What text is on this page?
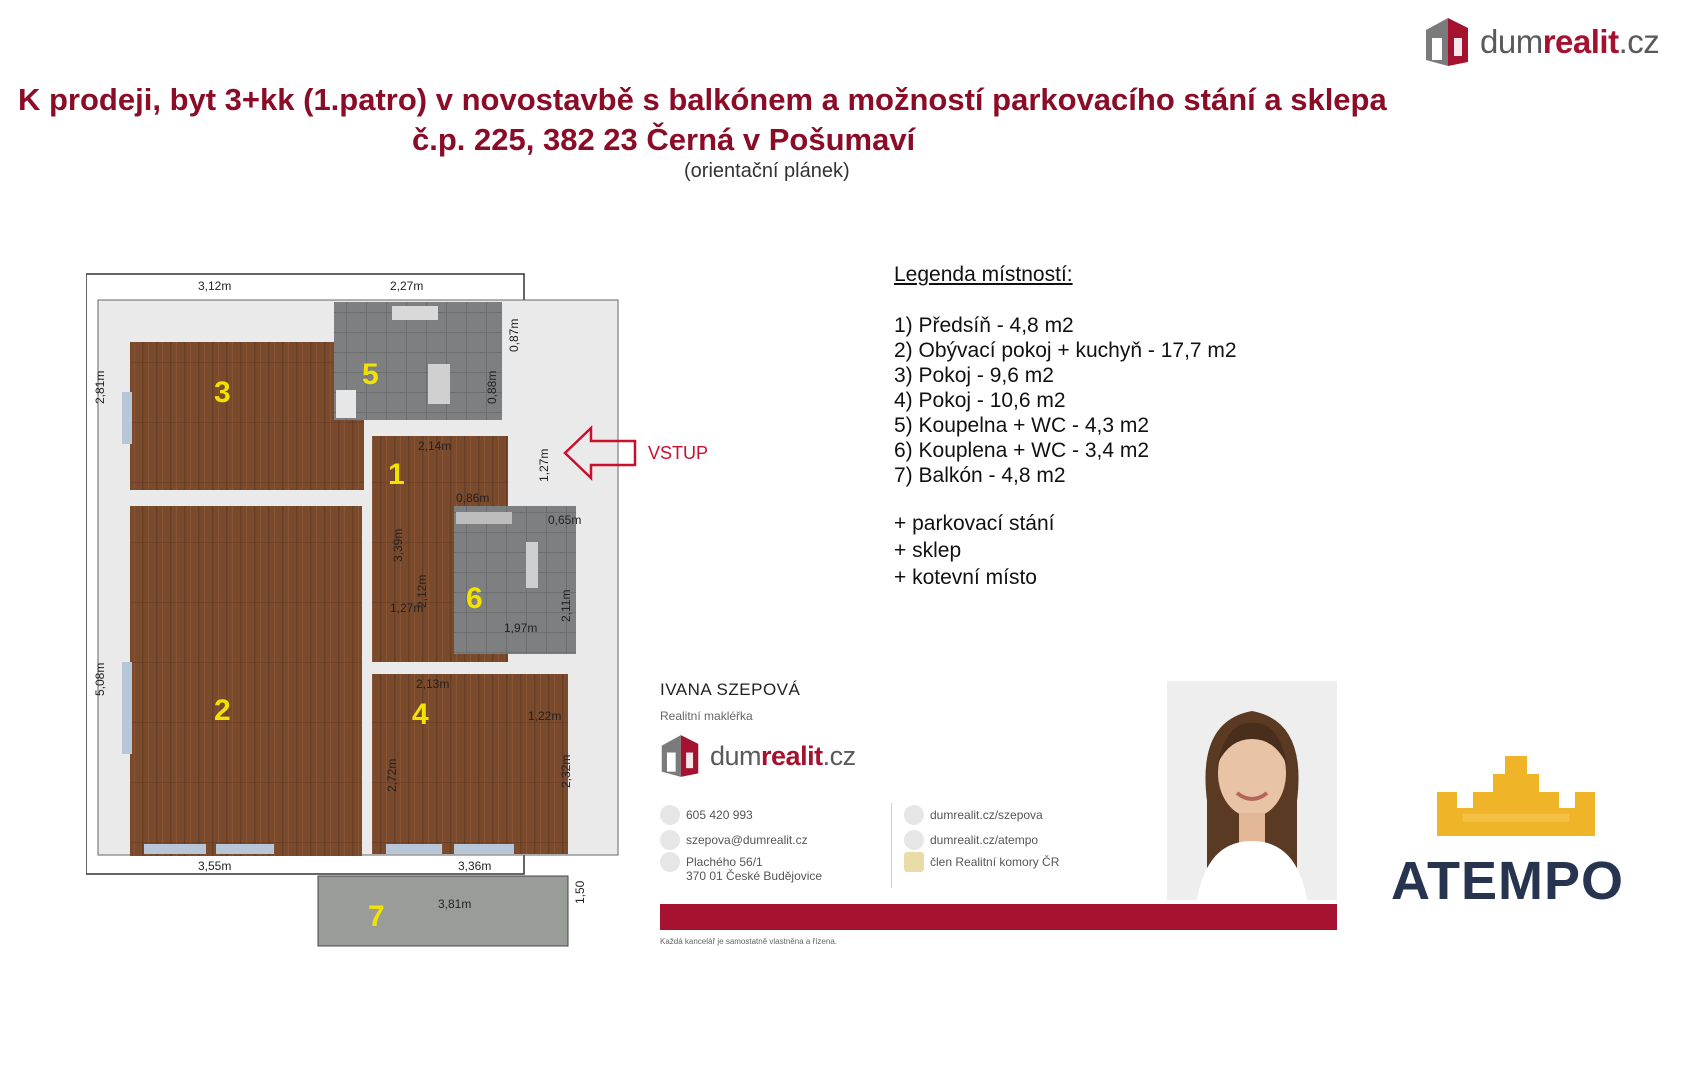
K prodeji, byt 3+kk (1.patro) v novostavbě s balkónem a možností parkovacího stání a sklepa
č.p. 225, 382 23 Černá v Pošumaví
(orientační plánek)
dumrealit.cz
1
2
3
4
5
6
7
3,12m	2,27m
2,14m
0,86m
0,65m
1,27m
1,97m
2,13m
1,22m
3,55m	3,36m
3,81m
2,81m
5,08m
0,87m
0,88m
1,27m
3,39m
2,12m	2,11m
2,72m	2,32m
1,50
VSTUP
Legenda místností:
1) Předsíň - 4,8 m2
2) Obývací pokoj + kuchyň - 17,7 m2
3) Pokoj - 9,6 m2
4) Pokoj - 10,6 m2
5) Koupelna + WC - 4,3 m2
6) Kouplena + WC - 3,4 m2
7) Balkón - 4,8 m2
+ parkovací stání
+ sklep
+ kotevní místo
IVANA SZEPOVÁ
Realitní makléřka
dumrealit.cz
605 420 993
szepova@dumrealit.cz
Plachého 56/1
370 01 České Budějovice
dumrealit.cz/szepova
dumrealit.cz/atempo
člen Realitní komory ČR
Každá kancelář je samostatně vlastněna a řízena.
ATEMPO
